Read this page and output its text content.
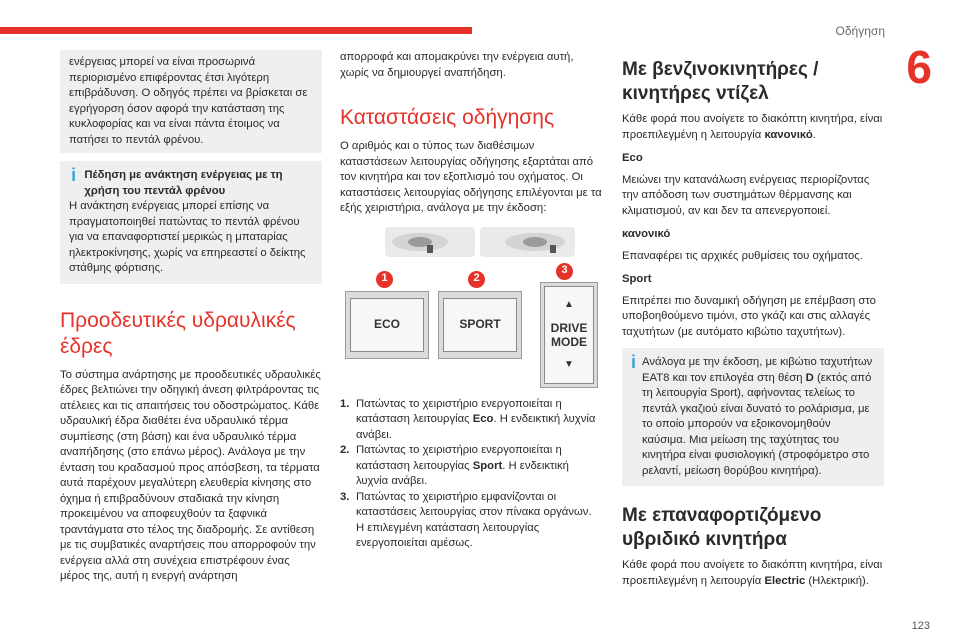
Οδήγηση
6
123

ενέργειας μπορεί να είναι προσωρινά περιορισμένο επιφέροντας έτσι λιγότερη επιβράδυνση. Ο οδηγός πρέπει να βρίσκεται σε εγρήγορση όσον αφορά την κατάσταση της κυκλοφορίας και να είναι πάντα έτοιμος να πατήσει το πεντάλ φρένου.

i Πέδηση με ανάκτηση ενέργειας με τη χρήση του πεντάλ φρένου

Η ανάκτηση ενέργειας μπορεί επίσης να πραγματοποιηθεί πατώντας το πεντάλ φρένου για να επαναφορτιστεί μερικώς η μπαταρίας ηλεκτροκίνησης, χωρίς να επηρεαστεί ο δείκτης στάθμης φόρτισης.

Προοδευτικές υδραυλικές έδρες

Το σύστημα ανάρτησης με προοδευτικές υδραυλικές έδρες βελτιώνει την οδηγική άνεση φιλτράροντας τις ατέλειες και τις απαιτήσεις του οδοστρώματος. Κάθε υδραυλική έδρα διαθέτει ένα υδραυλικό τέρμα συμπίεσης (στη βάση) και ένα υδραυλικό τέρμα αναπήδησης (στο επάνω μέρος). Ανάλογα με την ένταση του κραδασμού προς απόσβεση, τα τέρματα αυτά παρέχουν μεγαλύτερη ελευθερία κίνησης στο όχημα ή επιβραδύνουν σταδιακά την κίνηση προκειμένου να αποφευχθούν τα ξαφνικά τραντάγματα στο τέλος της διαδρομής. Σε αντίθεση με τις συμβατικές αναρτήσεις που απορροφούν την ενέργεια αλλά στη συνέχεια επιστρέφουν ένας μέρος της, αυτή η ενεργή ανάρτηση

απορροφά και απομακρύνει την ενέργεια αυτή, χωρίς να δημιουργεί αναπήδηση.

Καταστάσεις οδήγησης

Ο αριθμός και ο τύπος των διαθέσιμων καταστάσεων λειτουργίας οδήγησης εξαρτάται από τον κινητήρα και τον εξοπλισμό του οχήματος. Οι καταστάσεις λειτουργίας οδήγησης επιλέγονται με τα εξής χειριστήρια, ανάλογα με την έκδοση:

1	2
3
ECO	SPORT
▲
DRIVE MODE
▼
1. Πατώντας το χειριστήριο ενεργοποιείται η κατάσταση λειτουργίας Eco. Η ενδεικτική λυχνία ανάβει.
2. Πατώντας το χειριστήριο ενεργοποιείται η κατάσταση λειτουργίας Sport. Η ενδεικτική λυχνία ανάβει.
3. Πατώντας το χειριστήριο εμφανίζονται οι καταστάσεις λειτουργίας στον πίνακα οργάνων. Η επιλεγμένη κατάσταση λειτουργίας ενεργοποιείται αμέσως.
Με βενζινοκινητήρες / κινητήρες ντίζελ

Κάθε φορά που ανοίγετε το διακόπτη κινητήρα, είναι προεπιλεγμένη η λειτουργία κανονικό.

Eco

Μειώνει την κατανάλωση ενέργειας περιορίζοντας την απόδοση των συστημάτων θέρμανσης και κλιματισμού, αν και δεν τα απενεργοποιεί.

κανονικό

Επαναφέρει τις αρχικές ρυθμίσεις του οχήματος.

Sport

Επιτρέπει πιο δυναμική οδήγηση με επέμβαση στο υποβοηθούμενο τιμόνι, στο γκάζι και στις αλλαγές ταχυτήτων (με αυτόματο κιβώτιο ταχυτήτων).

i Ανάλογα με την έκδοση, με κιβώτιο ταχυτήτων EAT8 και τον επιλογέα στη θέση D (εκτός από τη λειτουργία Sport), αφήνοντας τελείως το πεντάλ γκαζιού είναι δυνατό το ρολάρισμα, με το οποίο μπορούν να εξοικονομηθούν καύσιμα. Μια μείωση της ταχύτητας του κινητήρα είναι φυσιολογική (στροφόμετρο στο ρελαντί, μείωση θορύβου κινητήρα).

Με επαναφορτιζόμενο υβριδικό κινητήρα

Κάθε φορά που ανοίγετε το διακόπτη κινητήρα, είναι προεπιλεγμένη η λειτουργία Electric (Ηλεκτρική).
